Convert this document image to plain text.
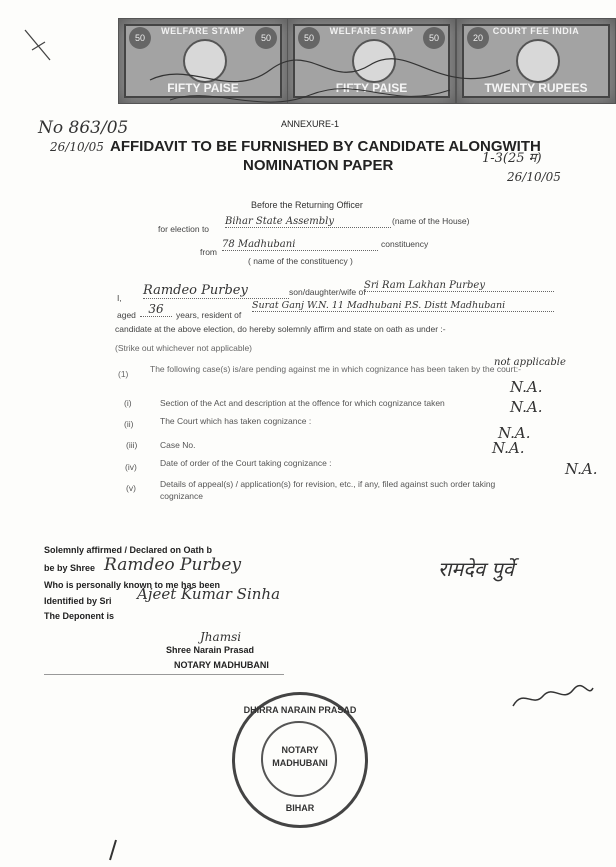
WELFARE STAMP
50	50
FIFTY PAISE
WELFARE STAMP
50	50
FIFTY PAISE
COURT FEE INDIA
20
TWENTY RUPEES
ANNEXURE-1
No 863/05
26/10/05 AFFIDAVIT TO BE FURNISHED BY CANDIDATE ALONGWITH
NOMINATION PAPER	1-3(25 म)
26/10/05
Before the Returning Officer
for election to
Bihar State Assembly	(name of the House)
from
78 Madhubani	constituency
( name of the constituency )
I, Ramdeo Purbey	son/daughter/wife of
Sri Ram Lakhan Purbey
aged	36	years, resident of
Surat Ganj W.N. 11 Madhubani P.S. Distt Madhubani
candidate at the above election, do hereby solemnly affirm and state on oath as under :-
(Strike out whichever not applicable)
(1)	The following case(s) is/are pending against me in which cognizance has been taken by the court:-
not applicable
(i)	Section of the Act and description at the offence for which cognizance taken
N.A.
(ii)	The Court which has taken cognizance :
N.A.
(iii)	Case No.
N.A.
(iv)	Date of order of the Court taking cognizance :
N.A.
(v)	Details of appeal(s) / application(s) for revision, etc., if any, filed against such order taking cognizance
N.A.
Solemnly affirmed / Declared on Oath b
be by Shree Ramdeo Purbey
Who is personally known to me has been
Identified by Sri Ajeet Kumar Sinha
The Deponent is
Jhamsi
Shree Narain Prasad
NOTARY MADHUBANI
रामदेव पुर्वे
DHIRRA NARAIN PRASAD
NOTARY
MADHUBANI
BIHAR
